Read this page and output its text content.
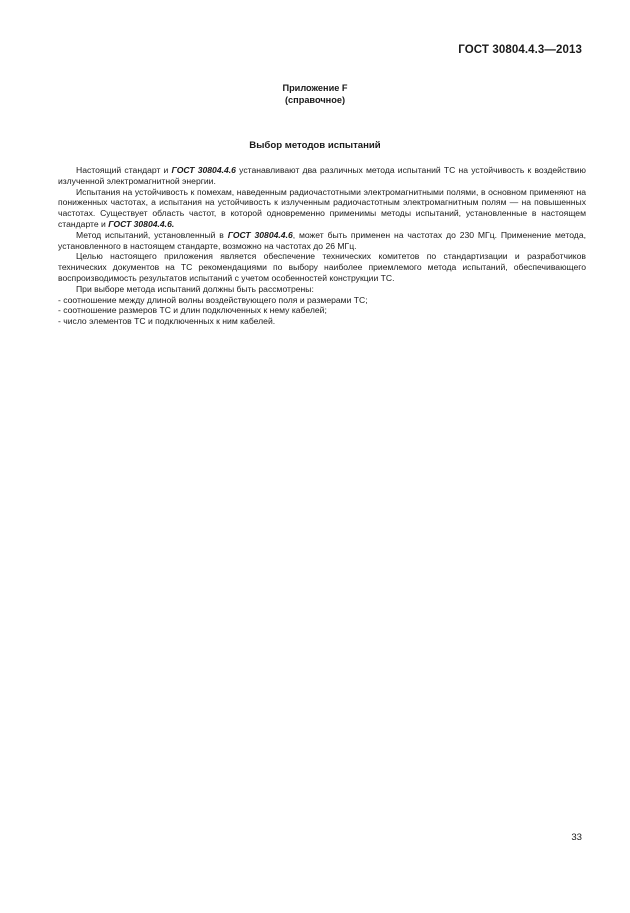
ГОСТ 30804.4.3—2013
Приложение F
(справочное)
Выбор методов испытаний

Настоящий стандарт и ГОСТ 30804.4.6 устанавливают два различных метода испытаний ТС на устойчивость к воздействию излученной электромагнитной энергии.

Испытания на устойчивость к помехам, наведенным радиочастотными электромагнитными полями, в основном применяют на пониженных частотах, а испытания на устойчивость к излученным радиочастотным электромагнитным полям — на повышенных частотах. Существует область частот, в которой одновременно применимы методы испытаний, установленные в настоящем стандарте и ГОСТ 30804.4.6.

Метод испытаний, установленный в ГОСТ 30804.4.6, может быть применен на частотах до 230 МГц. Применение метода, установленного в настоящем стандарте, возможно на частотах до 26 МГц.

Целью настоящего приложения является обеспечение технических комитетов по стандартизации и разработчиков технических документов на ТС рекомендациями по выбору наиболее приемлемого метода испытаний, обеспечивающего воспроизводимость результатов испытаний с учетом особенностей конструкции ТС.

При выборе метода испытаний должны быть рассмотрены:

- соотношение между длиной волны воздействующего поля и размерами ТС;

- соотношение размеров ТС и длин подключенных к нему кабелей;

- число элементов ТС и подключенных к ним кабелей.

33
